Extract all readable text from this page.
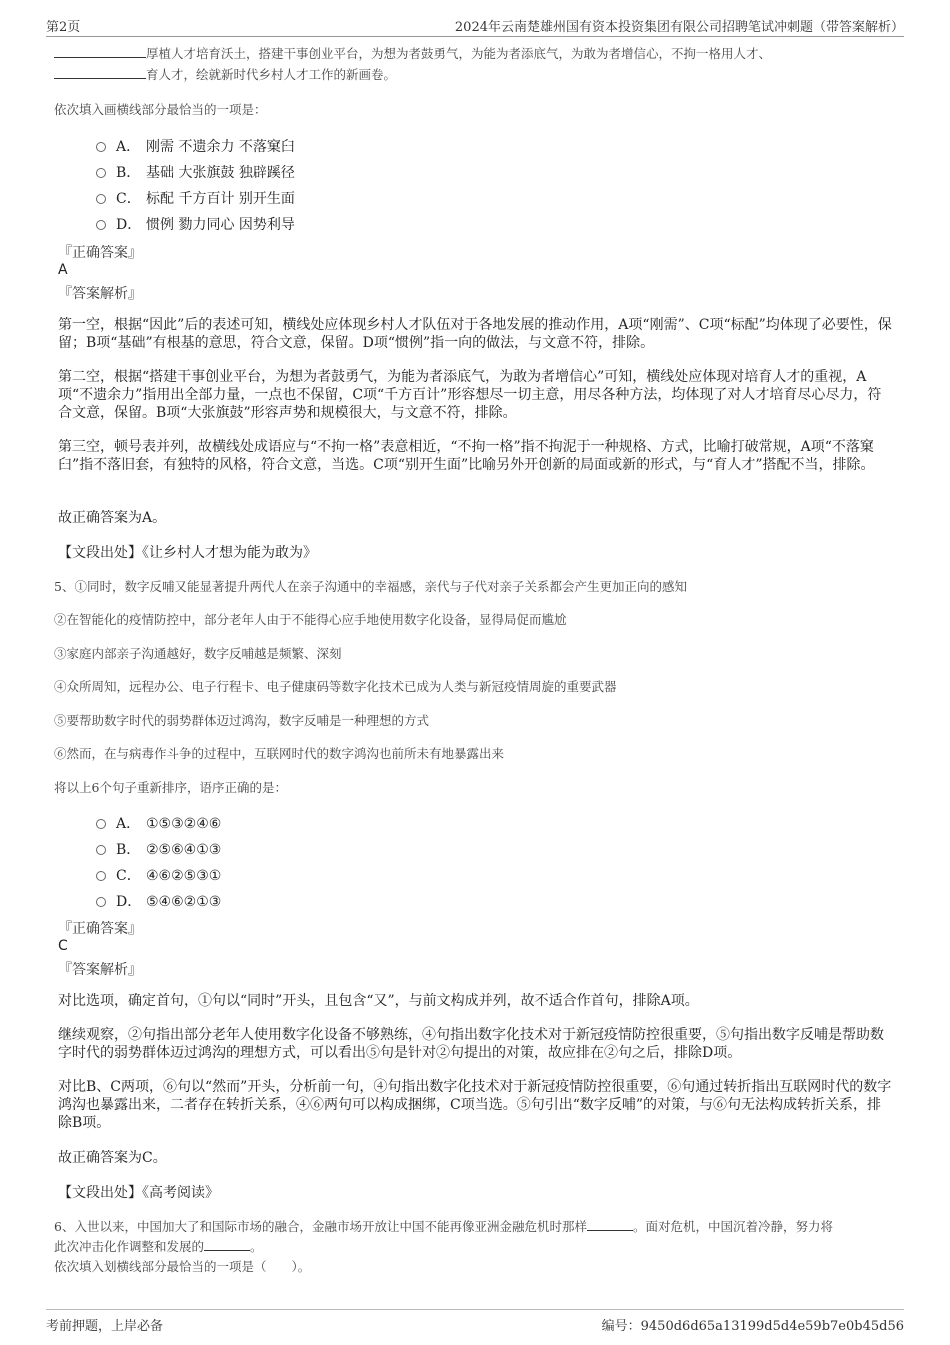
第2页	2024年云南楚雄州国有资本投资集团有限公司招聘笔试冲刺题（带答案解析）
厚植人才培育沃土，搭建干事创业平台，为想为者鼓勇气，为能为者添底气，为敢为者增信心，不拘一格用人才、
育人才，绘就新时代乡村人才工作的新画卷。
依次填入画横线部分最恰当的一项是：
A． 刚需 不遗余力 不落窠臼
B． 基础 大张旗鼓 独辟蹊径
C． 标配 千方百计 别开生面
D． 惯例 勠力同心 因势利导
『正确答案』
A
『答案解析』
第一空，根据“因此”后的表述可知，横线处应体现乡村人才队伍对于各地发展的推动作用，A项“刚需”、C项“标配”均体现了必要性，保留；B项“基础”有根基的意思，符合文意，保留。D项“惯例”指一向的做法，与文意不符，排除。
第二空，根据“搭建干事创业平台，为想为者鼓勇气，为能为者添底气，为敢为者增信心”可知，横线处应体现对培育人才的重视，A项“不遗余力”指用出全部力量，一点也不保留，C项“千方百计”形容想尽一切主意，用尽各种方法，均体现了对人才培育尽心尽力，符合文意，保留。B项“大张旗鼓”形容声势和规模很大，与文意不符，排除。
第三空，顿号表并列，故横线处成语应与“不拘一格”表意相近，“不拘一格”指不拘泥于一种规格、方式，比喻打破常规，A项“不落窠臼”指不落旧套，有独特的风格，符合文意，当选。C项“别开生面”比喻另外开创新的局面或新的形式，与“育人才”搭配不当，排除。
故正确答案为A。
【文段出处】《让乡村人才想为能为敢为》
5、①同时，数字反哺又能显著提升两代人在亲子沟通中的幸福感，亲代与子代对亲子关系都会产生更加正向的感知
②在智能化的疫情防控中，部分老年人由于不能得心应手地使用数字化设备，显得局促而尴尬
③家庭内部亲子沟通越好，数字反哺越是频繁、深刻
④众所周知，远程办公、电子行程卡、电子健康码等数字化技术已成为人类与新冠疫情周旋的重要武器
⑤要帮助数字时代的弱势群体迈过鸿沟，数字反哺是一种理想的方式
⑥然而，在与病毒作斗争的过程中，互联网时代的数字鸿沟也前所未有地暴露出来
将以上6个句子重新排序，语序正确的是：
A． ①⑤③②④⑥
B． ②⑤⑥④①③
C． ④⑥②⑤③①
D． ⑤④⑥②①③
『正确答案』
C
『答案解析』
对比选项，确定首句，①句以“同时”开头，且包含“又”，与前文构成并列，故不适合作首句，排除A项。
继续观察，②句指出部分老年人使用数字化设备不够熟练，④句指出数字化技术对于新冠疫情防控很重要，⑤句指出数字反哺是帮助数字时代的弱势群体迈过鸿沟的理想方式，可以看出⑤句是针对②句提出的对策，故应排在②句之后，排除D项。
对比B、C两项，⑥句以“然而”开头，分析前一句，④句指出数字化技术对于新冠疫情防控很重要，⑥句通过转折指出互联网时代的数字鸿沟也暴露出来，二者存在转折关系，④⑥两句可以构成捆绑，C项当选。⑤句引出“数字反哺”的对策，与⑥句无法构成转折关系，排除B项。
故正确答案为C。
【文段出处】《高考阅读》
6、入世以来，中国加大了和国际市场的融合，金融市场开放让中国不能再像亚洲金融危机时那样	。面对危机，中国沉着冷静，努力将
此次冲击化作调整和发展的	。
依次填入划横线部分最恰当的一项是（　　）。
考前押题，上岸必备	编号：9450d6d65a13199d5d4e59b7e0b45d56
